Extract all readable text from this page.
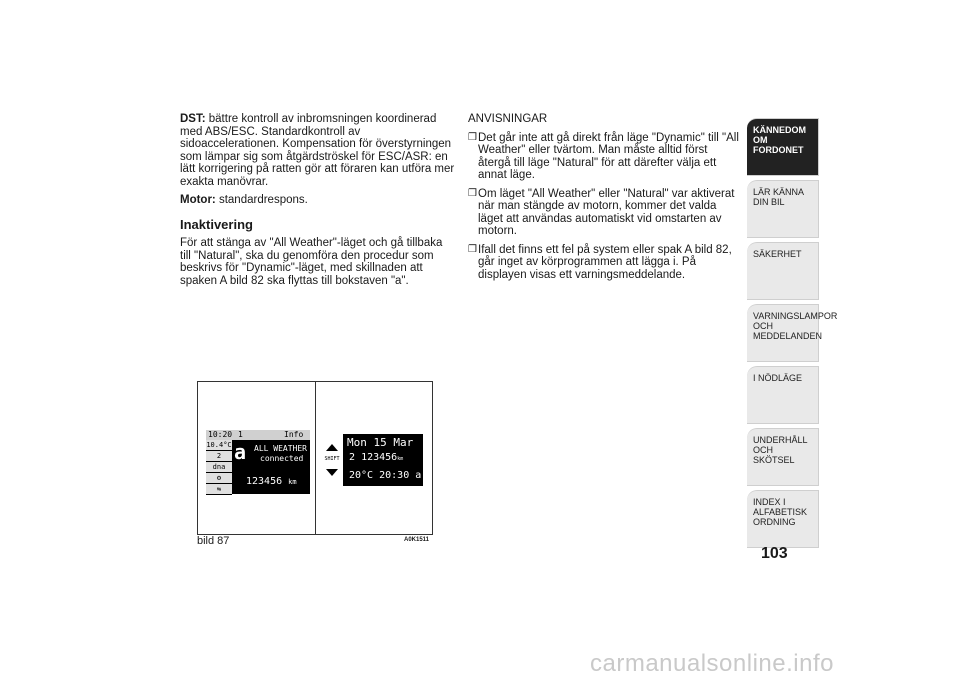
DST: bättre kontroll av inbromsningen koordinerad med ABS/ESC. Standardkontroll av sidoaccelerationen. Kompensation för överstyrningen som lämpar sig som åtgärdströskel för ESC/ASR: en lätt korrigering på ratten gör att föraren kan utföra mer exakta manövrar.

Motor: standardrespons.

Inaktivering

För att stänga av "All Weather"-läget och gå tillbaka till "Natural", ska du genomföra den procedur som beskrivs för "Dynamic"-läget, med skillnaden att spaken A bild 82 ska flyttas till bokstaven "a".

ANVISNINGAR
❒ Det går inte att gå direkt från läge "Dynamic" till "All Weather" eller tvärtom. Man måste alltid först återgå till läge "Natural" för att därefter välja ett annat läge.
❒ Om läget "All Weather" eller "Natural" var aktiverat när man stängde av motorn, kommer det valda läget att användas automatiskt vid omstarten av motorn.
❒ Ifall det finns ett fel på system eller spak A bild 82, går inget av körprogrammen att lägga i. På displayen visas ett varningsmeddelande.
10:20 1	Info
10.4°C
2
dna
⚙
⇆
a ALL WEATHER
connected
123456 km
SHIFT
Mon 15 Mar
2 123456km
20°C 20:30 a
bild 87	A0K1511
KÄNNEDOM OM FORDONET
LÄR KÄNNA DIN BIL
SÄKERHET
VARNINGSLAMPOR OCH MEDDELANDEN
I NÖDLÄGE
UNDERHÅLL OCH SKÖTSEL
INDEX I ALFABETISK ORDNING
103
carmanualsonline.info
